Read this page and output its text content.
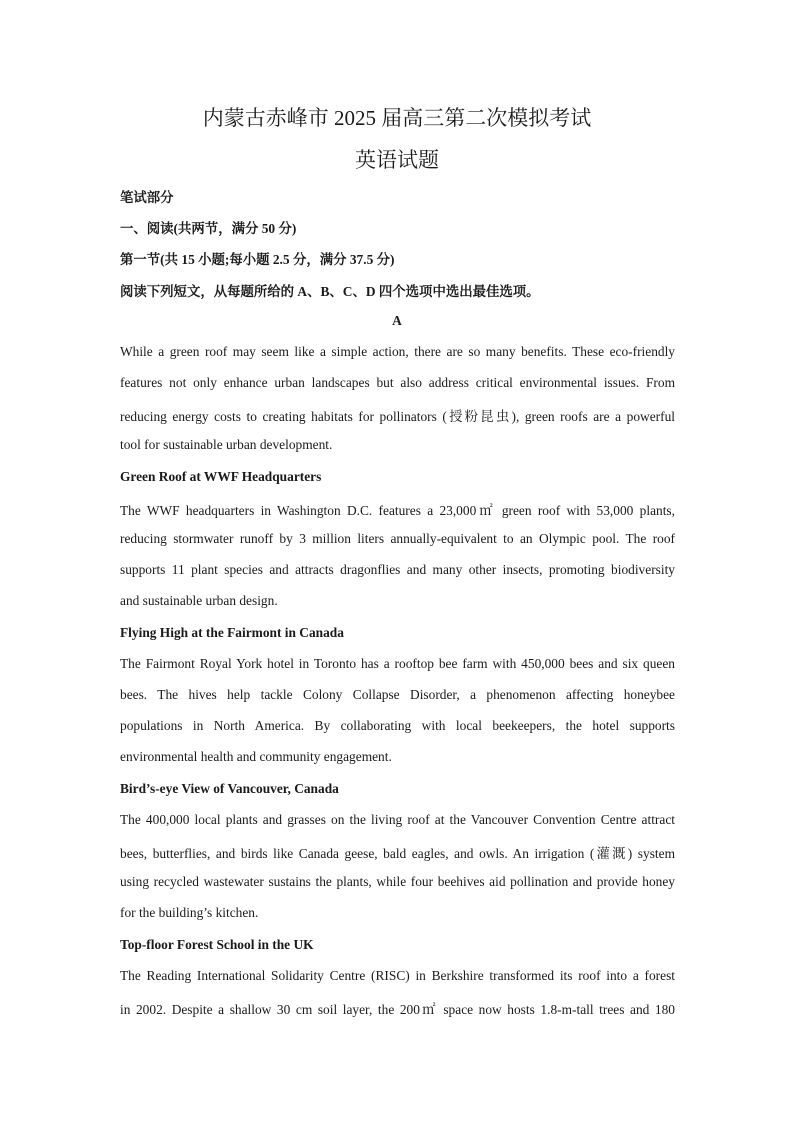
内蒙古赤峰市 2025 届高三第二次模拟考试
英语试题
笔试部分
一、阅读(共两节，满分 50 分)
第一节(共 15 小题;每小题 2.5 分，满分 37.5 分)
阅读下列短文，从每题所给的 A、B、C、D 四个选项中选出最佳选项。
A
While a green roof may seem like a simple action, there are so many benefits. These eco-friendly
features not only enhance urban landscapes but also address critical environmental issues. From
reducing energy costs to creating habitats for pollinators (授粉昆虫), green roofs are a powerful
tool for sustainable urban development.
Green Roof at WWF Headquarters
The WWF headquarters in Washington D.C. features a 23,000㎡ green roof with 53,000 plants,
reducing stormwater runoff by 3 million liters annually-equivalent to an Olympic pool. The roof
supports 11 plant species and attracts dragonflies and many other insects, promoting biodiversity
and sustainable urban design.
Flying High at the Fairmont in Canada
The Fairmont Royal York hotel in Toronto has a rooftop bee farm with 450,000 bees and six queen
bees. The hives help tackle Colony Collapse Disorder, a phenomenon affecting honeybee
populations in North America. By collaborating with local beekeepers, the hotel supports
environmental health and community engagement.
Bird’s-eye View of Vancouver, Canada
The 400,000 local plants and grasses on the living roof at the Vancouver Convention Centre attract
bees, butterflies, and birds like Canada geese, bald eagles, and owls. An irrigation (灌溉) system
using recycled wastewater sustains the plants, while four beehives aid pollination and provide honey
for the building’s kitchen.
Top-floor Forest School in the UK
The Reading International Solidarity Centre (RISC) in Berkshire transformed its roof into a forest
in 2002. Despite a shallow 30 cm soil layer, the 200㎡ space now hosts 1.8-m-tall trees and 180
